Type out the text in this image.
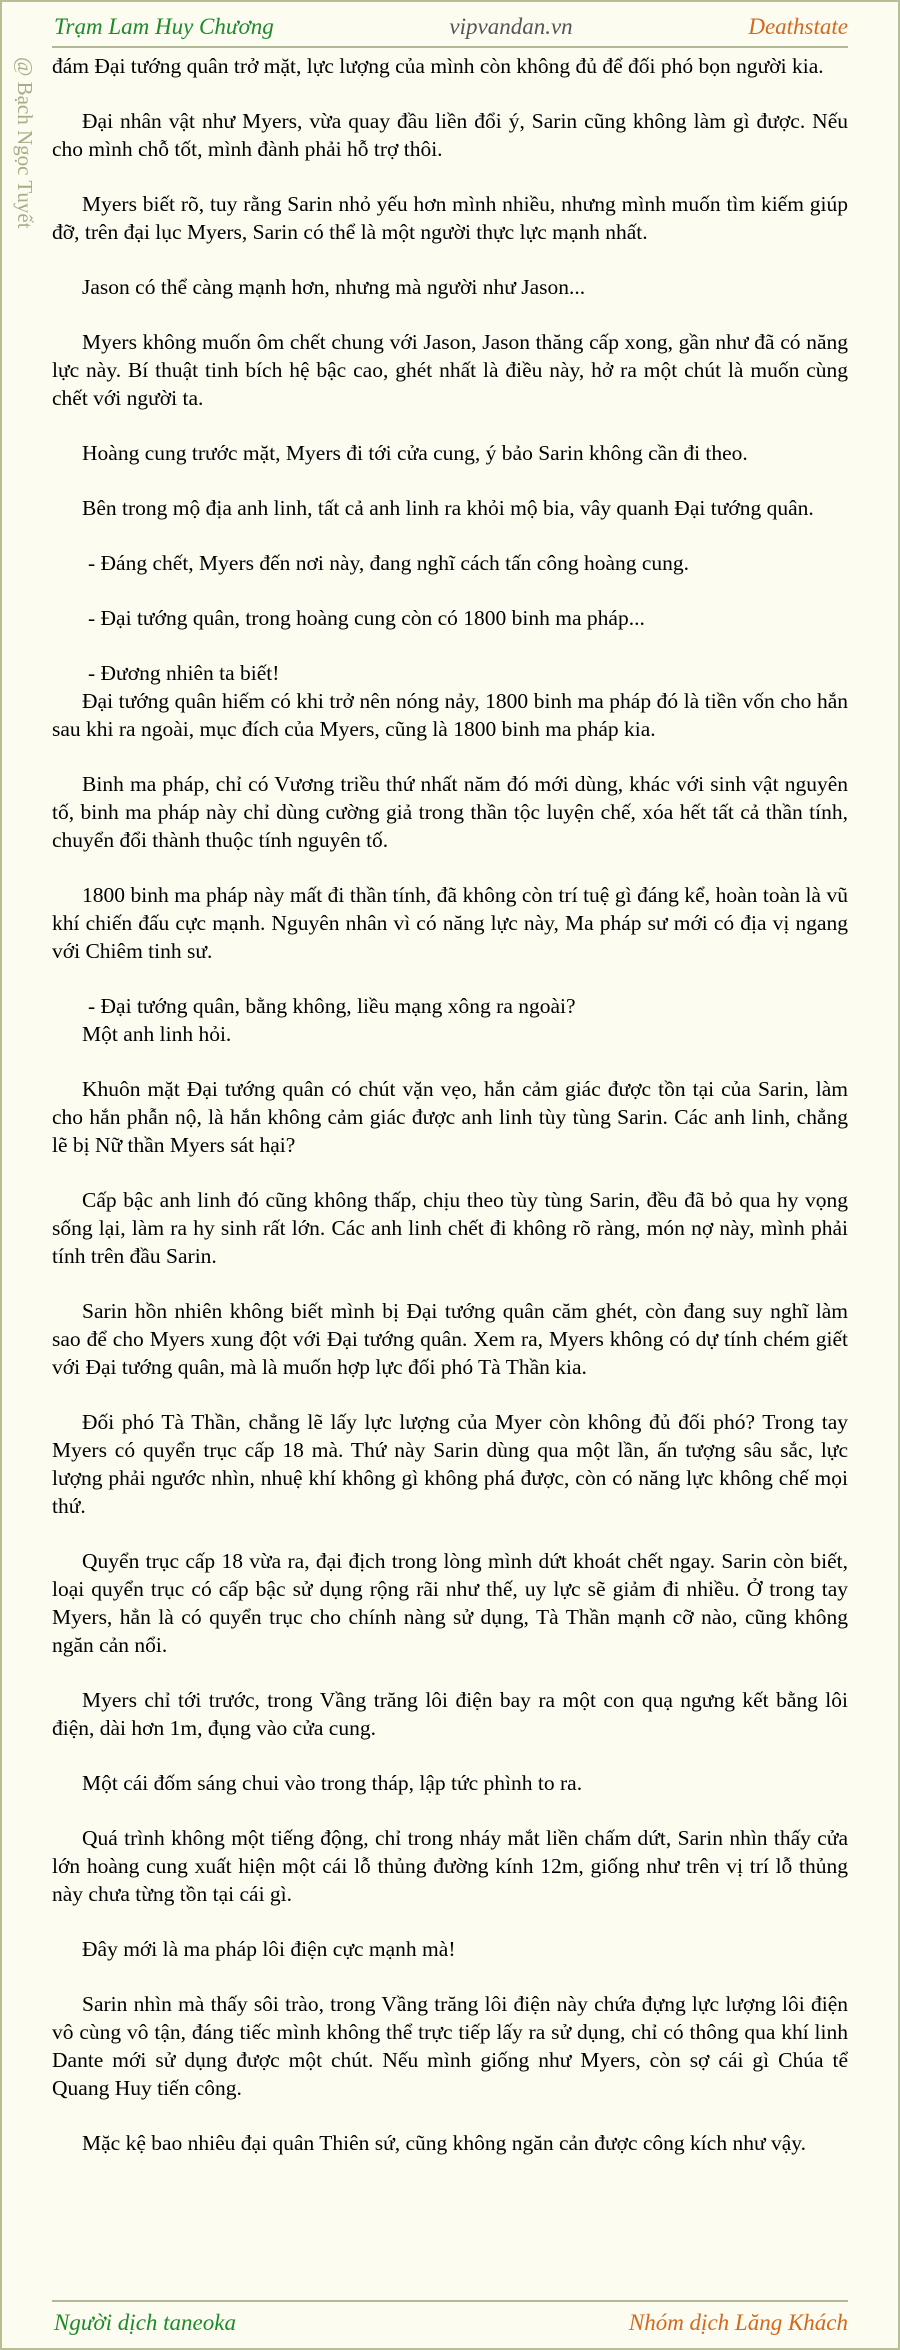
Trạm Lam Huy Chương	vipvandan.vn	Deathstate
@ Bạch Ngọc Tuyết đám Đại tướng quân trở mặt, lực lượng của mình còn không đủ để đối phó bọn người kia.

Đại nhân vật như Myers, vừa quay đầu liền đổi ý, Sarin cũng không làm gì được. Nếu cho mình chỗ tốt, mình đành phải hỗ trợ thôi.

Myers biết rõ, tuy rằng Sarin nhỏ yếu hơn mình nhiều, nhưng mình muốn tìm kiếm giúp đỡ, trên đại lục Myers, Sarin có thể là một người thực lực mạnh nhất.

Jason có thể càng mạnh hơn, nhưng mà người như Jason...

Myers không muốn ôm chết chung với Jason, Jason thăng cấp xong, gần như đã có năng lực này. Bí thuật tinh bích hệ bậc cao, ghét nhất là điều này, hở ra một chút là muốn cùng chết với người ta.

Hoàng cung trước mặt, Myers đi tới cửa cung, ý bảo Sarin không cần đi theo.

Bên trong mộ địa anh linh, tất cả anh linh ra khỏi mộ bia, vây quanh Đại tướng quân.

- Đáng chết, Myers đến nơi này, đang nghĩ cách tấn công hoàng cung.

- Đại tướng quân, trong hoàng cung còn có 1800 binh ma pháp...

- Đương nhiên ta biết!

Đại tướng quân hiếm có khi trở nên nóng nảy, 1800 binh ma pháp đó là tiền vốn cho hắn sau khi ra ngoài, mục đích của Myers, cũng là 1800 binh ma pháp kia.

Binh ma pháp, chỉ có Vương triều thứ nhất năm đó mới dùng, khác với sinh vật nguyên tố, binh ma pháp này chỉ dùng cường giả trong thần tộc luyện chế, xóa hết tất cả thần tính, chuyển đổi thành thuộc tính nguyên tố.

1800 binh ma pháp này mất đi thần tính, đã không còn trí tuệ gì đáng kể, hoàn toàn là vũ khí chiến đấu cực mạnh. Nguyên nhân vì có năng lực này, Ma pháp sư mới có địa vị ngang với Chiêm tinh sư.

- Đại tướng quân, bằng không, liều mạng xông ra ngoài?

Một anh linh hỏi.

Khuôn mặt Đại tướng quân có chút vặn vẹo, hắn cảm giác được tồn tại của Sarin, làm cho hắn phẫn nộ, là hắn không cảm giác được anh linh tùy tùng Sarin. Các anh linh, chẳng lẽ bị Nữ thần Myers sát hại?

Cấp bậc anh linh đó cũng không thấp, chịu theo tùy tùng Sarin, đều đã bỏ qua hy vọng sống lại, làm ra hy sinh rất lớn. Các anh linh chết đi không rõ ràng, món nợ này, mình phải tính trên đầu Sarin.

Sarin hồn nhiên không biết mình bị Đại tướng quân căm ghét, còn đang suy nghĩ làm sao để cho Myers xung đột với Đại tướng quân. Xem ra, Myers không có dự tính chém giết với Đại tướng quân, mà là muốn hợp lực đối phó Tà Thần kia.

Đối phó Tà Thần, chẳng lẽ lấy lực lượng của Myer còn không đủ đối phó? Trong tay Myers có quyển trục cấp 18 mà. Thứ này Sarin dùng qua một lần, ấn tượng sâu sắc, lực lượng phải ngước nhìn, nhuệ khí không gì không phá được, còn có năng lực không chế mọi thứ.

Quyển trục cấp 18 vừa ra, đại địch trong lòng mình dứt khoát chết ngay. Sarin còn biết, loại quyển trục có cấp bậc sử dụng rộng rãi như thế, uy lực sẽ giảm đi nhiều. Ở trong tay Myers, hẳn là có quyển trục cho chính nàng sử dụng, Tà Thần mạnh cỡ nào, cũng không ngăn cản nổi.

Myers chỉ tới trước, trong Vầng trăng lôi điện bay ra một con quạ ngưng kết bằng lôi điện, dài hơn 1m, đụng vào cửa cung.

Một cái đốm sáng chui vào trong tháp, lập tức phình to ra.

Quá trình không một tiếng động, chỉ trong nháy mắt liền chấm dứt, Sarin nhìn thấy cửa lớn hoàng cung xuất hiện một cái lỗ thủng đường kính 12m, giống như trên vị trí lỗ thủng này chưa từng tồn tại cái gì.

Đây mới là ma pháp lôi điện cực mạnh mà!

Sarin nhìn mà thấy sôi trào, trong Vầng trăng lôi điện này chứa đựng lực lượng lôi điện vô cùng vô tận, đáng tiếc mình không thể trực tiếp lấy ra sử dụng, chỉ có thông qua khí linh Dante mới sử dụng được một chút. Nếu mình giống như Myers, còn sợ cái gì Chúa tể Quang Huy tiến công.

Mặc kệ bao nhiêu đại quân Thiên sứ, cũng không ngăn cản được công kích như vậy.

Người dịch taneoka	Nhóm dịch Lăng Khách
